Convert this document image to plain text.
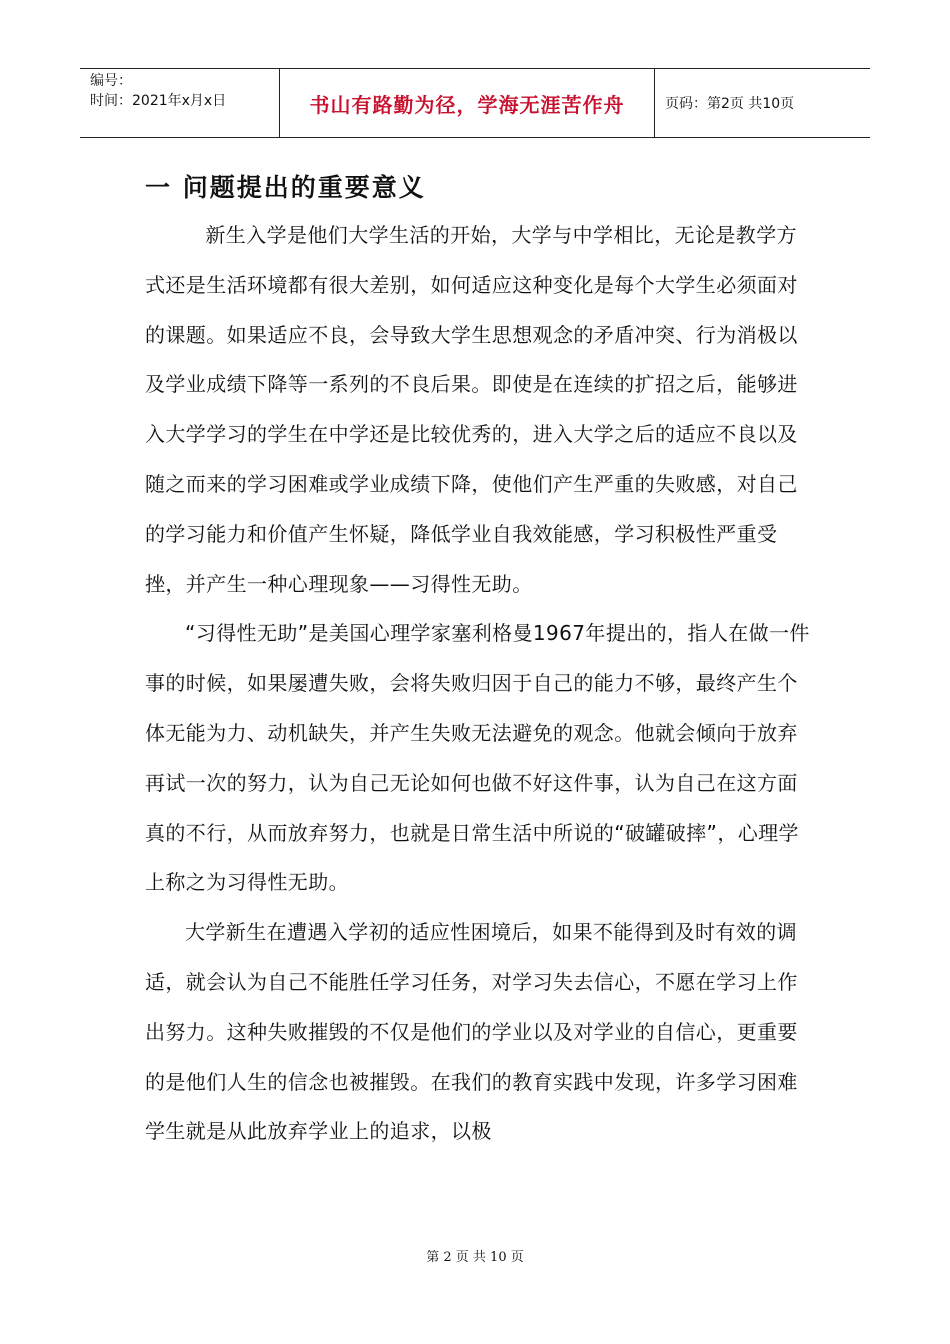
编号：
时间：2021年x月x日	书山有路勤为径，学海无涯苦作舟	页码：第2页 共10页
一 问题提出的重要意义

　新生入学是他们大学生活的开始，大学与中学相比，无论是教学方式还是生活环境都有很大差别，如何适应这种变化是每个大学生必须面对的课题。如果适应不良，会导致大学生思想观念的矛盾冲突、行为消极以及学业成绩下降等一系列的不良后果。即使是在连续的扩招之后，能够进入大学学习的学生在中学还是比较优秀的，进入大学之后的适应不良以及随之而来的学习困难或学业成绩下降，使他们产生严重的失败感，对自己的学习能力和价值产生怀疑，降低学业自我效能感，学习积极性严重受挫，并产生一种心理现象——习得性无助。

“习得性无助”是美国心理学家塞利格曼1967年提出的，指人在做一件事的时候，如果屡遭失败，会将失败归因于自己的能力不够，最终产生个体无能为力、动机缺失，并产生失败无法避免的观念。他就会倾向于放弃再试一次的努力，认为自己无论如何也做不好这件事，认为自己在这方面真的不行，从而放弃努力，也就是日常生活中所说的“破罐破摔”，心理学上称之为习得性无助。

大学新生在遭遇入学初的适应性困境后，如果不能得到及时有效的调适，就会认为自己不能胜任学习任务，对学习失去信心，不愿在学习上作出努力。这种失败摧毁的不仅是他们的学业以及对学业的自信心，更重要的是他们人生的信念也被摧毁。在我们的教育实践中发现，许多学习困难学生就是从此放弃学业上的追求，以极

第 2 页 共 10 页
